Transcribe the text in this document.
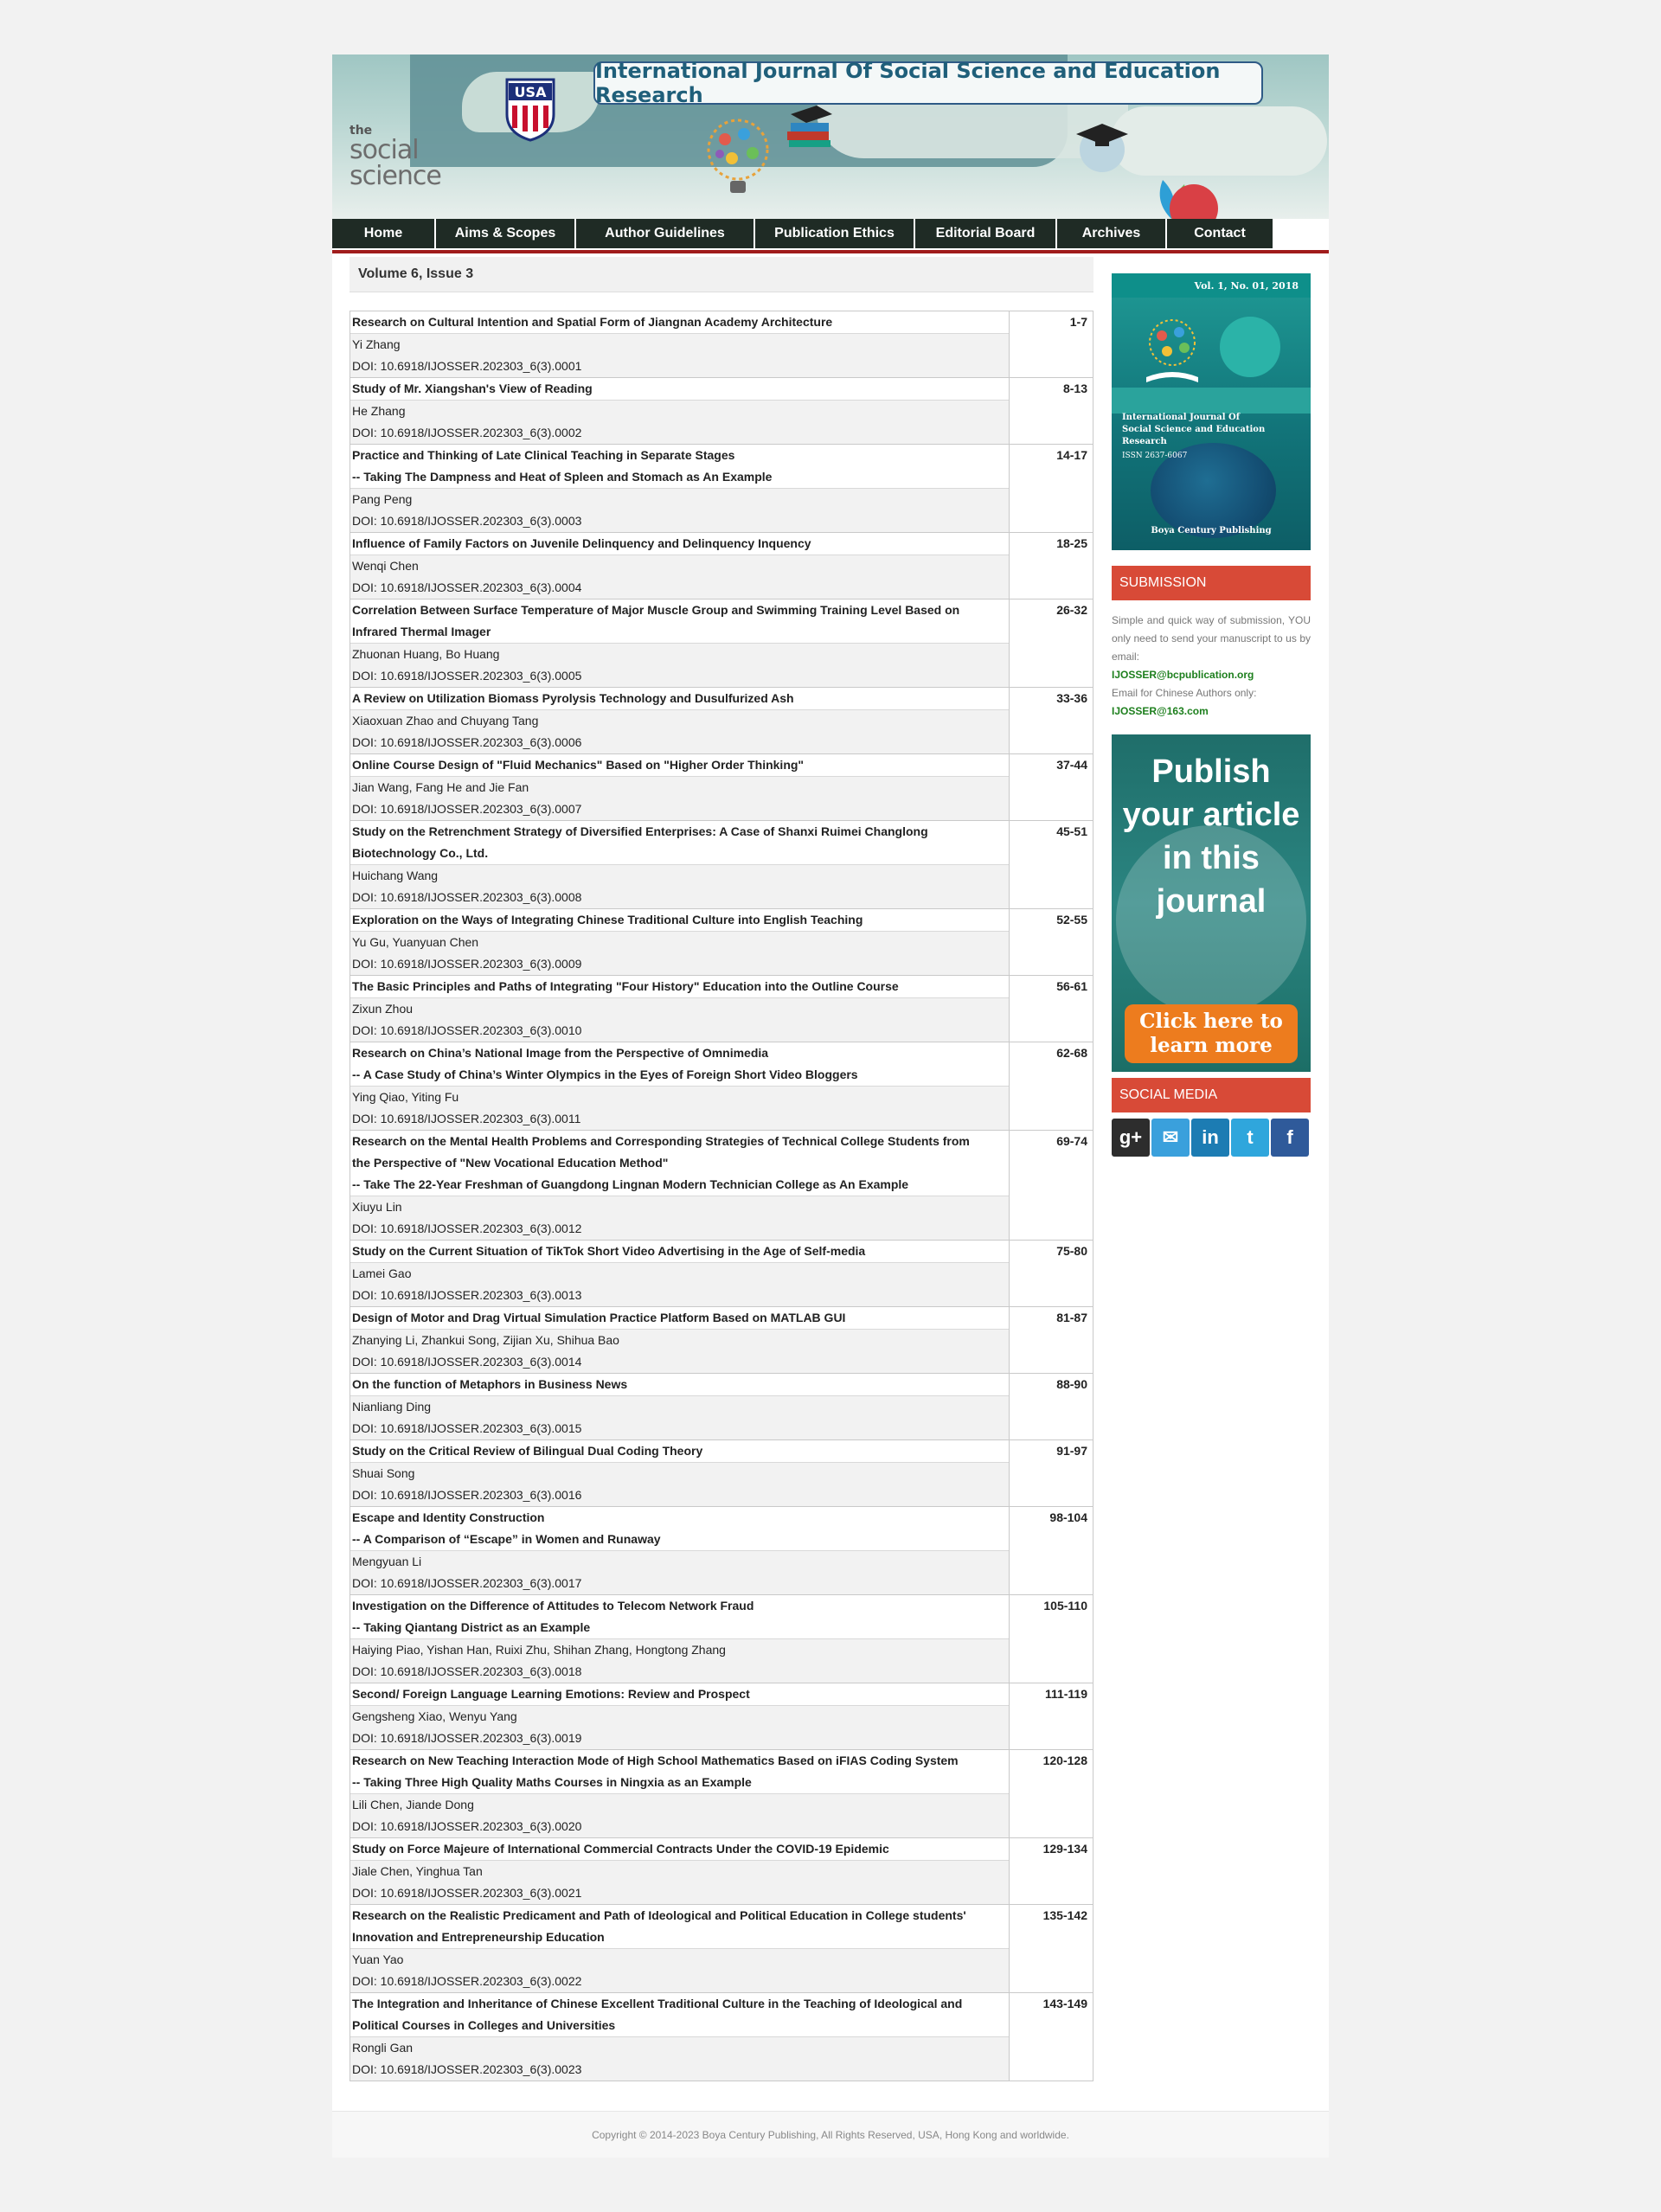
International Journal Of Social Science and Education Research
the
social
science
USA
Home	Aims & Scopes	Author Guidelines	Publication Ethics	Editorial Board	Archives	Contact
Volume 6, Issue 3
Research on Cultural Intention and Spatial Form of Jiangnan Academy Architecture
Yi Zhang
DOI: 10.6918/IJOSSER.202303_6(3).0001	1-7

Study of Mr. Xiangshan's View of Reading
He Zhang
DOI: 10.6918/IJOSSER.202303_6(3).0002	8-13

Practice and Thinking of Late Clinical Teaching in Separate Stages
-- Taking The Dampness and Heat of Spleen and Stomach as An Example
Pang Peng
DOI: 10.6918/IJOSSER.202303_6(3).0003	14-17

Influence of Family Factors on Juvenile Delinquency and Delinquency Inquency
Wenqi Chen
DOI: 10.6918/IJOSSER.202303_6(3).0004	18-25

Correlation Between Surface Temperature of Major Muscle Group and Swimming Training Level Based on
Infrared Thermal Imager
Zhuonan Huang, Bo Huang
DOI: 10.6918/IJOSSER.202303_6(3).0005	26-32

A Review on Utilization Biomass Pyrolysis Technology and Dusulfurized Ash
Xiaoxuan Zhao and Chuyang Tang
DOI: 10.6918/IJOSSER.202303_6(3).0006	33-36

Online Course Design of "Fluid Mechanics" Based on "Higher Order Thinking"
Jian Wang, Fang He and Jie Fan
DOI: 10.6918/IJOSSER.202303_6(3).0007	37-44

Study on the Retrenchment Strategy of Diversified Enterprises: A Case of Shanxi Ruimei Changlong
Biotechnology Co., Ltd.
Huichang Wang
DOI: 10.6918/IJOSSER.202303_6(3).0008	45-51

Exploration on the Ways of Integrating Chinese Traditional Culture into English Teaching
Yu Gu, Yuanyuan Chen
DOI: 10.6918/IJOSSER.202303_6(3).0009	52-55

The Basic Principles and Paths of Integrating "Four History" Education into the Outline Course
Zixun Zhou
DOI: 10.6918/IJOSSER.202303_6(3).0010	56-61

Research on China’s National Image from the Perspective of Omnimedia
-- A Case Study of China’s Winter Olympics in the Eyes of Foreign Short Video Bloggers
Ying Qiao, Yiting Fu
DOI: 10.6918/IJOSSER.202303_6(3).0011	62-68

Research on the Mental Health Problems and Corresponding Strategies of Technical College Students from
the Perspective of "New Vocational Education Method"
-- Take The 22-Year Freshman of Guangdong Lingnan Modern Technician College as An Example
Xiuyu Lin
DOI: 10.6918/IJOSSER.202303_6(3).0012	69-74

Study on the Current Situation of TikTok Short Video Advertising in the Age of Self-media
Lamei Gao
DOI: 10.6918/IJOSSER.202303_6(3).0013	75-80

Design of Motor and Drag Virtual Simulation Practice Platform Based on MATLAB GUI
Zhanying Li, Zhankui Song, Zijian Xu, Shihua Bao
DOI: 10.6918/IJOSSER.202303_6(3).0014	81-87

On the function of Metaphors in Business News
Nianliang Ding
DOI: 10.6918/IJOSSER.202303_6(3).0015	88-90

Study on the Critical Review of Bilingual Dual Coding Theory
Shuai Song
DOI: 10.6918/IJOSSER.202303_6(3).0016	91-97

Escape and Identity Construction
-- A Comparison of “Escape” in Women and Runaway
Mengyuan Li
DOI: 10.6918/IJOSSER.202303_6(3).0017	98-104

Investigation on the Difference of Attitudes to Telecom Network Fraud
-- Taking Qiantang District as an Example
Haiying Piao, Yishan Han, Ruixi Zhu, Shihan Zhang, Hongtong Zhang
DOI: 10.6918/IJOSSER.202303_6(3).0018	105-110

Second/ Foreign Language Learning Emotions: Review and Prospect
Gengsheng Xiao, Wenyu Yang
DOI: 10.6918/IJOSSER.202303_6(3).0019	111-119

Research on New Teaching Interaction Mode of High School Mathematics Based on iFIAS Coding System
-- Taking Three High Quality Maths Courses in Ningxia as an Example
Lili Chen, Jiande Dong
DOI: 10.6918/IJOSSER.202303_6(3).0020	120-128

Study on Force Majeure of International Commercial Contracts Under the COVID-19 Epidemic
Jiale Chen, Yinghua Tan
DOI: 10.6918/IJOSSER.202303_6(3).0021	129-134

Research on the Realistic Predicament and Path of Ideological and Political Education in College students'
Innovation and Entrepreneurship Education
Yuan Yao
DOI: 10.6918/IJOSSER.202303_6(3).0022	135-142

The Integration and Inheritance of Chinese Excellent Traditional Culture in the Teaching of Ideological and
Political Courses in Colleges and Universities
Rongli Gan
DOI: 10.6918/IJOSSER.202303_6(3).0023	143-149
Vol. 1, No. 01, 2018
International Journal Of
Social Science and Education Research
ISSN 2637-6067
Boya Century Publishing
SUBMISSION
Simple and quick way of submission, YOU only need to send your manuscript to us by email:
IJOSSER@bcpublication.org
Email for Chinese Authors only:
IJOSSER@163.com
Publish your article in this journal
Click here to learn more
SOCIAL MEDIA
g+	✉	in	t	f
Copyright © 2014-2023 Boya Century Publishing, All Rights Reserved, USA, Hong Kong and worldwide.
